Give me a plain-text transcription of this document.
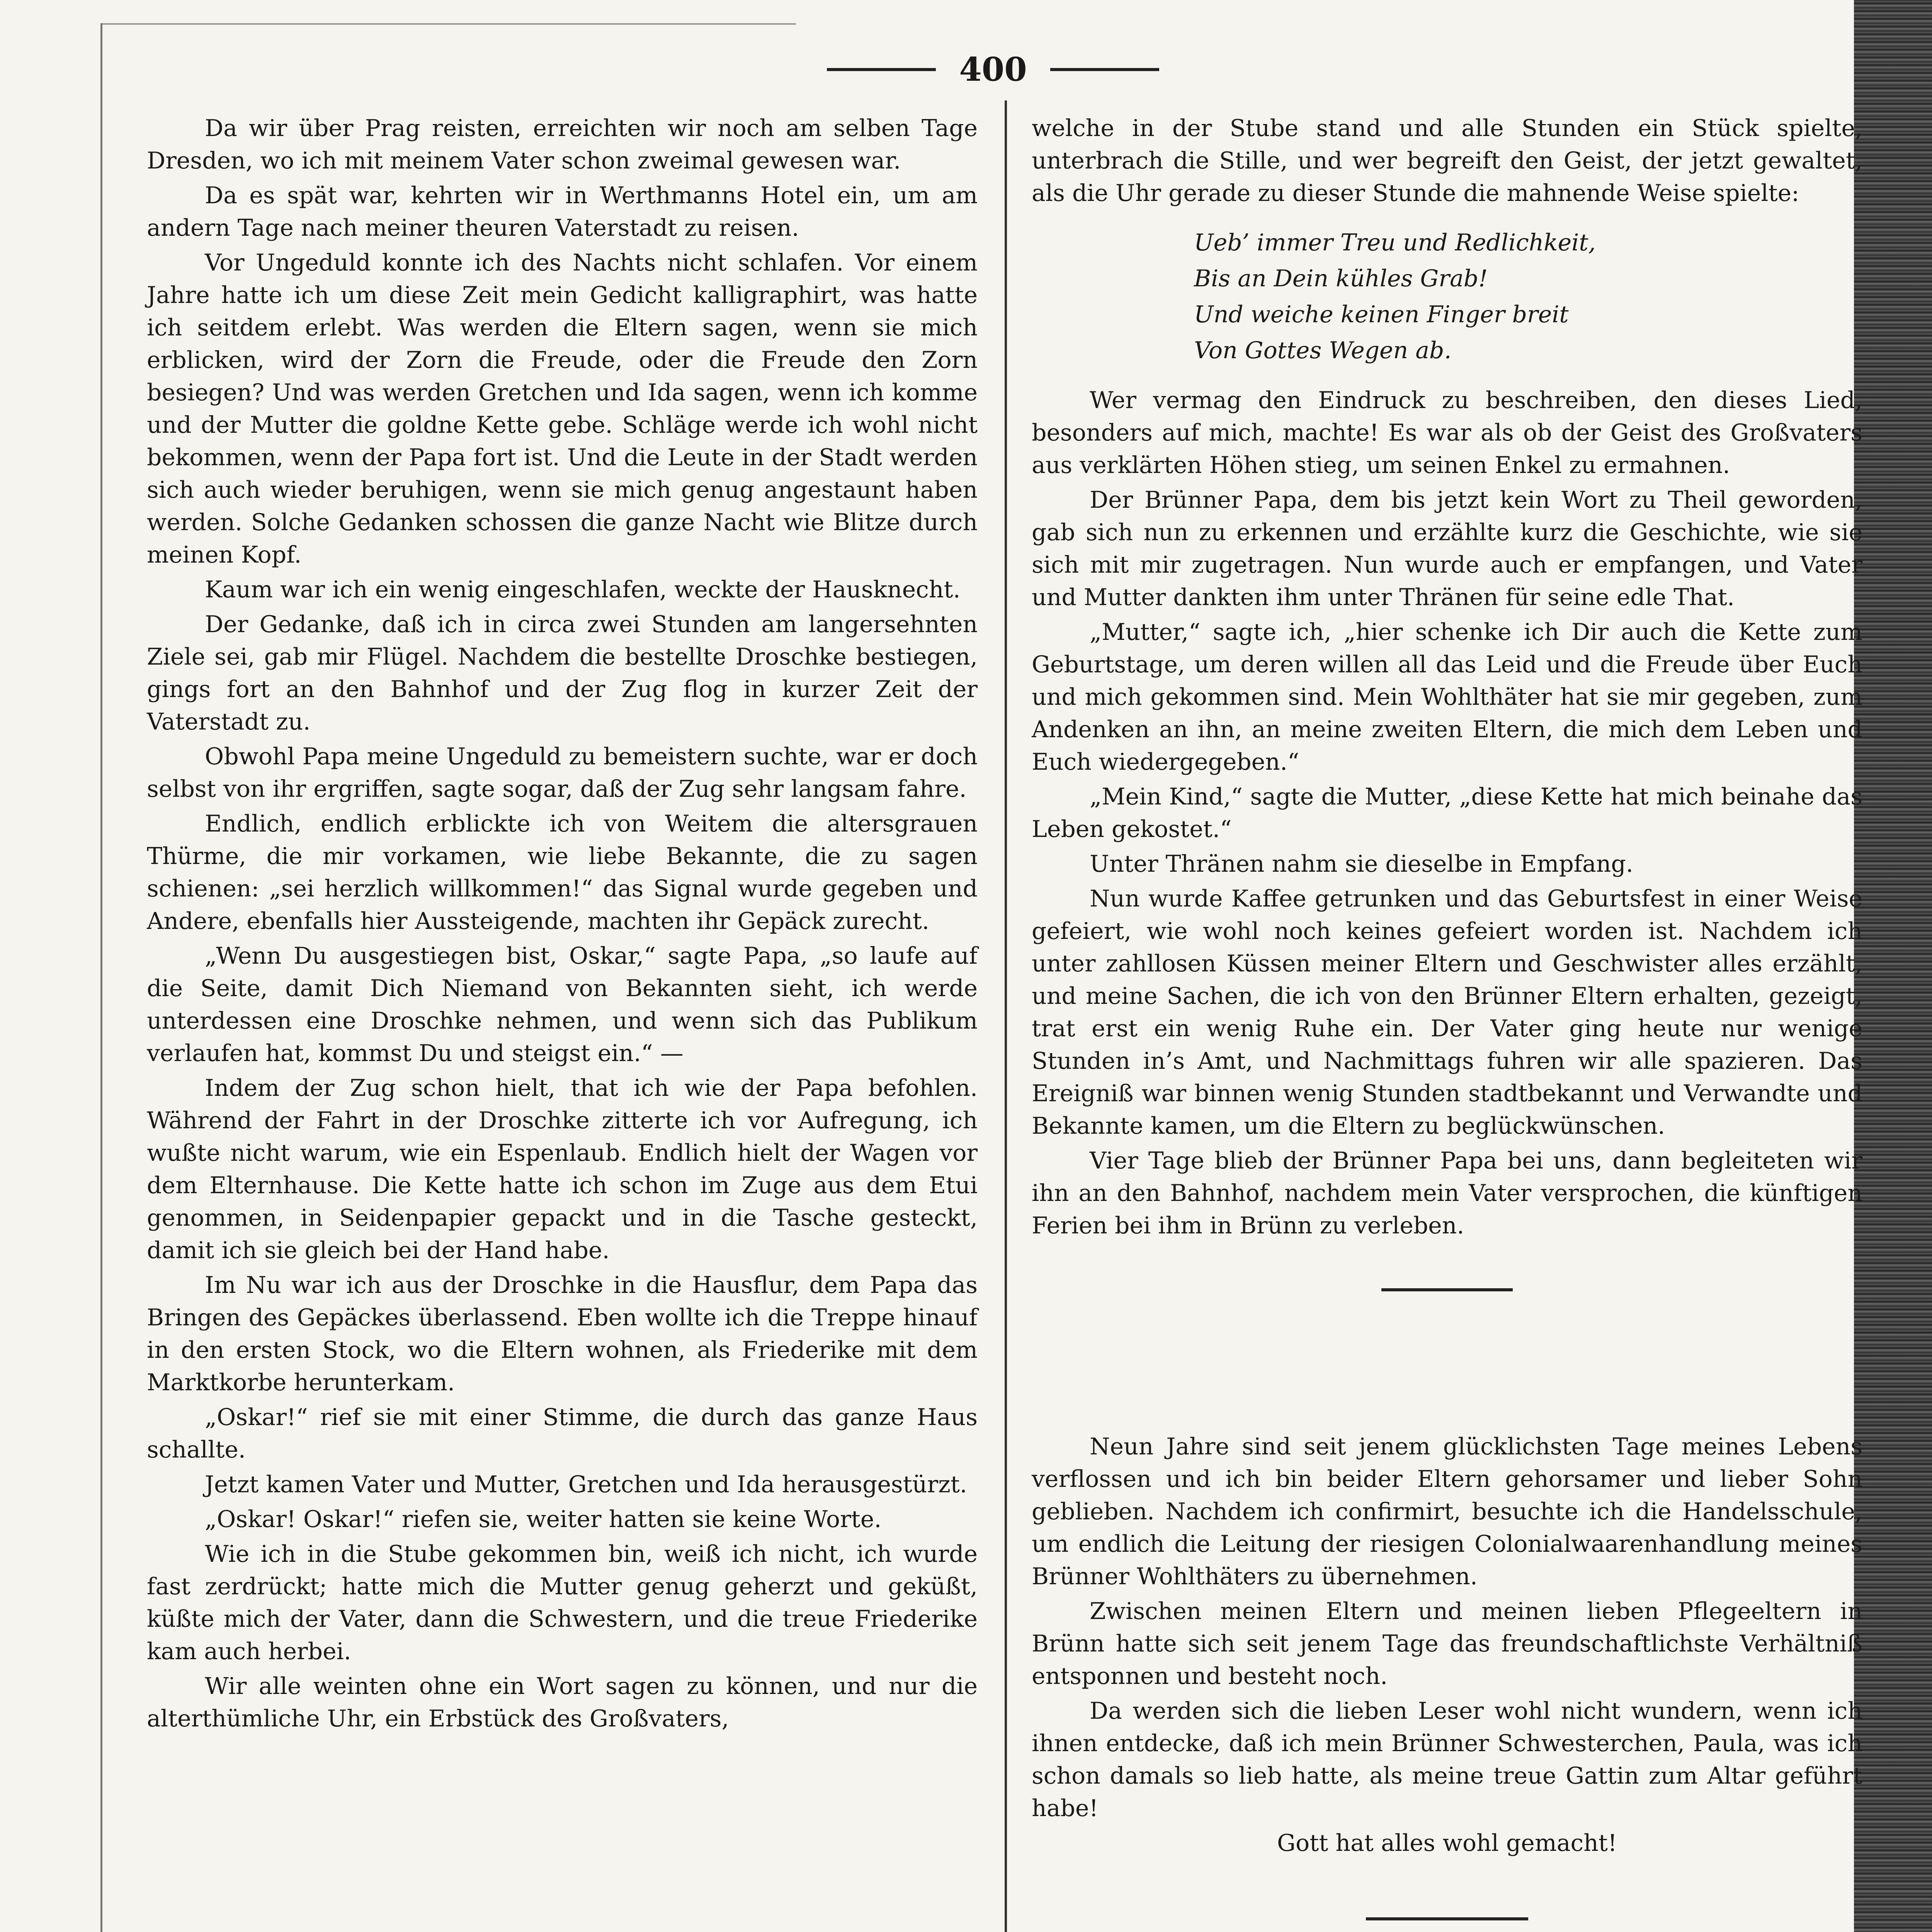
400

Da wir über Prag reisten, erreichten wir noch am selben Tage Dresden, wo ich mit meinem Vater schon zweimal gewesen war.

Da es spät war, kehrten wir in Werthmanns Hotel ein, um am andern Tage nach meiner theuren Vaterstadt zu reisen.

Vor Ungeduld konnte ich des Nachts nicht schlafen. Vor einem Jahre hatte ich um diese Zeit mein Gedicht kalligraphirt, was hatte ich seitdem erlebt. Was werden die Eltern sagen, wenn sie mich erblicken, wird der Zorn die Freude, oder die Freude den Zorn besiegen? Und was werden Gretchen und Ida sagen, wenn ich komme und der Mutter die goldne Kette gebe. Schläge werde ich wohl nicht bekommen, wenn der Papa fort ist. Und die Leute in der Stadt werden sich auch wieder beruhigen, wenn sie mich genug angestaunt haben werden. Solche Gedanken schossen die ganze Nacht wie Blitze durch meinen Kopf.

Kaum war ich ein wenig eingeschlafen, weckte der Hausknecht.

Der Gedanke, daß ich in circa zwei Stunden am langersehnten Ziele sei, gab mir Flügel. Nachdem die bestellte Droschke bestiegen, gings fort an den Bahnhof und der Zug flog in kurzer Zeit der Vaterstadt zu.

Obwohl Papa meine Ungeduld zu bemeistern suchte, war er doch selbst von ihr ergriffen, sagte sogar, daß der Zug sehr langsam fahre.

Endlich, endlich erblickte ich von Weitem die altersgrauen Thürme, die mir vorkamen, wie liebe Bekannte, die zu sagen schienen: „sei herzlich willkommen!“ das Signal wurde gegeben und Andere, ebenfalls hier Aussteigende, machten ihr Gepäck zurecht.

„Wenn Du ausgestiegen bist, Oskar,“ sagte Papa, „so laufe auf die Seite, damit Dich Niemand von Bekannten sieht, ich werde unterdessen eine Droschke nehmen, und wenn sich das Publikum verlaufen hat, kommst Du und steigst ein.“ —

Indem der Zug schon hielt, that ich wie der Papa befohlen. Während der Fahrt in der Droschke zitterte ich vor Aufregung, ich wußte nicht warum, wie ein Espenlaub. Endlich hielt der Wagen vor dem Elternhause. Die Kette hatte ich schon im Zuge aus dem Etui genommen, in Seidenpapier gepackt und in die Tasche gesteckt, damit ich sie gleich bei der Hand habe.

Im Nu war ich aus der Droschke in die Hausflur, dem Papa das Bringen des Gepäckes überlassend. Eben wollte ich die Treppe hinauf in den ersten Stock, wo die Eltern wohnen, als Friederike mit dem Marktkorbe herunterkam.

„Oskar!“ rief sie mit einer Stimme, die durch das ganze Haus schallte.

Jetzt kamen Vater und Mutter, Gretchen und Ida herausgestürzt.

„Oskar! Oskar!“ riefen sie, weiter hatten sie keine Worte.

Wie ich in die Stube gekommen bin, weiß ich nicht, ich wurde fast zerdrückt; hatte mich die Mutter genug geherzt und geküßt, küßte mich der Vater, dann die Schwestern, und die treue Friederike kam auch herbei.

Wir alle weinten ohne ein Wort sagen zu können, und nur die alterthümliche Uhr, ein Erbstück des Großvaters,

welche in der Stube stand und alle Stunden ein Stück spielte, unterbrach die Stille, und wer begreift den Geist, der jetzt gewaltet, als die Uhr gerade zu dieser Stunde die mahnende Weise spielte:

Ueb’ immer Treu und Redlichkeit,
Bis an Dein kühles Grab!
Und weiche keinen Finger breit
Von Gottes Wegen ab.

Wer vermag den Eindruck zu beschreiben, den dieses Lied, besonders auf mich, machte! Es war als ob der Geist des Großvaters aus verklärten Höhen stieg, um seinen Enkel zu ermahnen.

Der Brünner Papa, dem bis jetzt kein Wort zu Theil geworden, gab sich nun zu erkennen und erzählte kurz die Geschichte, wie sie sich mit mir zugetragen. Nun wurde auch er empfangen, und Vater und Mutter dankten ihm unter Thränen für seine edle That.

„Mutter,“ sagte ich, „hier schenke ich Dir auch die Kette zum Geburtstage, um deren willen all das Leid und die Freude über Euch und mich gekommen sind. Mein Wohlthäter hat sie mir gegeben, zum Andenken an ihn, an meine zweiten Eltern, die mich dem Leben und Euch wiedergegeben.“

„Mein Kind,“ sagte die Mutter, „diese Kette hat mich beinahe das Leben gekostet.“

Unter Thränen nahm sie dieselbe in Empfang.

Nun wurde Kaffee getrunken und das Geburtsfest in einer Weise gefeiert, wie wohl noch keines gefeiert worden ist. Nachdem ich unter zahllosen Küssen meiner Eltern und Geschwister alles erzählt, und meine Sachen, die ich von den Brünner Eltern erhalten, gezeigt, trat erst ein wenig Ruhe ein. Der Vater ging heute nur wenige Stunden in’s Amt, und Nachmittags fuhren wir alle spazieren. Das Ereigniß war binnen wenig Stunden stadtbekannt und Verwandte und Bekannte kamen, um die Eltern zu beglückwünschen.

Vier Tage blieb der Brünner Papa bei uns, dann begleiteten wir ihn an den Bahnhof, nachdem mein Vater versprochen, die künftigen Ferien bei ihm in Brünn zu verleben.

Neun Jahre sind seit jenem glücklichsten Tage meines Lebens verflossen und ich bin beider Eltern gehorsamer und lieber Sohn geblieben. Nachdem ich confirmirt, besuchte ich die Handelsschule, um endlich die Leitung der riesigen Colonialwaarenhandlung meines Brünner Wohlthäters zu übernehmen.

Zwischen meinen Eltern und meinen lieben Pflegeeltern in Brünn hatte sich seit jenem Tage das freundschaftlichste Verhältniß entsponnen und besteht noch.

Da werden sich die lieben Leser wohl nicht wundern, wenn ich ihnen entdecke, daß ich mein Brünner Schwesterchen, Paula, was ich schon damals so lieb hatte, als meine treue Gattin zum Altar geführt habe!

Gott hat alles wohl gemacht!
